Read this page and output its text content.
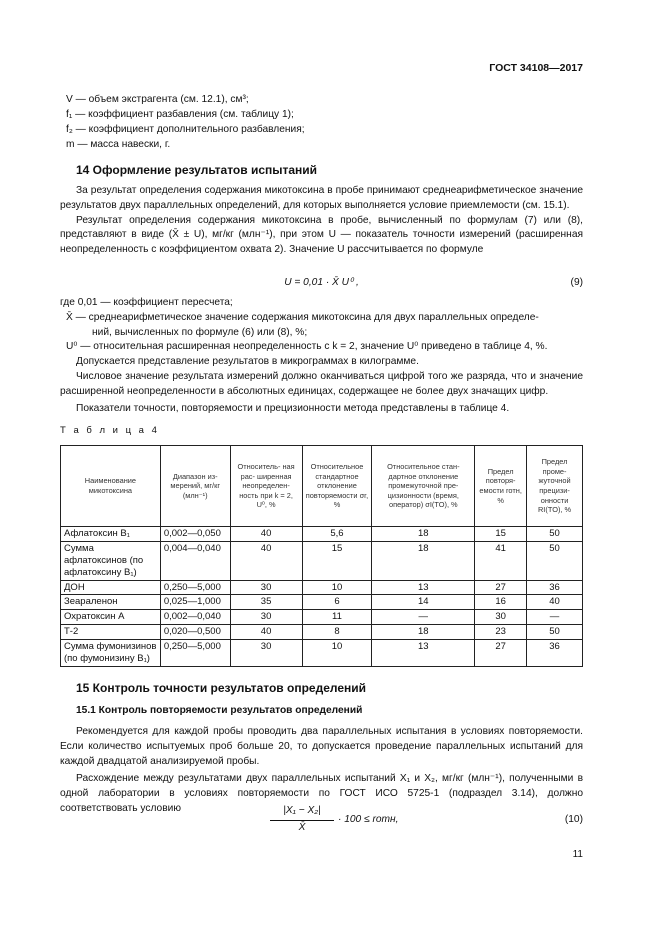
ГОСТ 34108—2017
V — объем экстрагента (см. 12.1), см³;
f₁ — коэффициент разбавления (см. таблицу 1);
f₂ — коэффициент дополнительного разбавления;
m — масса навески, г.
14 Оформление результатов испытаний

За результат определения содержания микотоксина в пробе принимают среднеарифметическое значение результатов двух параллельных определений, для которых выполняется условие приемлемости (см. 15.1).

Результат определения содержания микотоксина в пробе, вычисленный по формулам (7) или (8), представляют в виде (X̄ ± U), мг/кг (млн⁻¹), при этом U — показатель точности измерений (расширенная неопределенность с коэффициентом охвата 2). Значение U рассчитывается по формуле

U = 0,01 · X̄ U⁰ ,	(9)
где 0,01 — коэффициент пересчета;
X̄ — среднеарифметическое значение содержания микотоксина для двух параллельных определе-
ний, вычисленных по формуле (6) или (8), %;
U⁰ — относительная расширенная неопределенность с k = 2, значение U⁰ приведено в таблице 4, %.

Допускается представление результатов в микрограммах в килограмме.

Числовое значение результата измерений должно оканчиваться цифрой того же разряда, что и значение расширенной неопределенности в абсолютных единицах, содержащее не более двух значащих цифр.

Показатели точности, повторяемости и прецизионности метода представлены в таблице 4.

Т а б л и ц а 4
Наименование микотоксина	Диапазон из- мерений, мг/кг (млн⁻¹)	Относитель- ная рас- ширенная неопределен- ность при k = 2, U⁰, %	Относительное стандартное отклонение повторяемости σr, %	Относительное стан- дартное отклонение промежуточной пре- цизионности (время, оператор) σI(TO), %	Предел повторя- емости rотн, %	Предел проме- жуточной прецизи- онности RI(TO), %
Афлатоксин B₁	0,002—0,050	40	5,6	18	15	50
Сумма афлатоксинов (по афлатоксину B₁)	0,004—0,040	40	15	18	41	50
ДОН	0,250—5,000	30	10	13	27	36
Зеараленон	0,025—1,000	35	6	14	16	40
Охратоксин А	0,002—0,040	30	11	—	30	—
Т-2	0,020—0,500	40	8	18	23	50
Сумма фумонизинов (по фумонизину B₁)	0,250—5,000	30	10	13	27	36
15 Контроль точности результатов определений
15.1 Контроль повторяемости результатов определений

Рекомендуется для каждой пробы проводить два параллельных испытания в условиях повторяемости. Если количество испытуемых проб больше 20, то допускается проведение параллельных испытаний для каждой двадцатой анализируемой пробы.

Расхождение между результатами двух параллельных испытаний X₁ и X₂, мг/кг (млн⁻¹), полученными в одной лаборатории в условиях повторяемости по ГОСТ ИСО 5725-1 (подраздел 3.14), должно соответствовать условию	$\frac{\text{|X₁ − X₂|}}{X̄} \cdot 100$ ≤ rотн,	(10)
11
